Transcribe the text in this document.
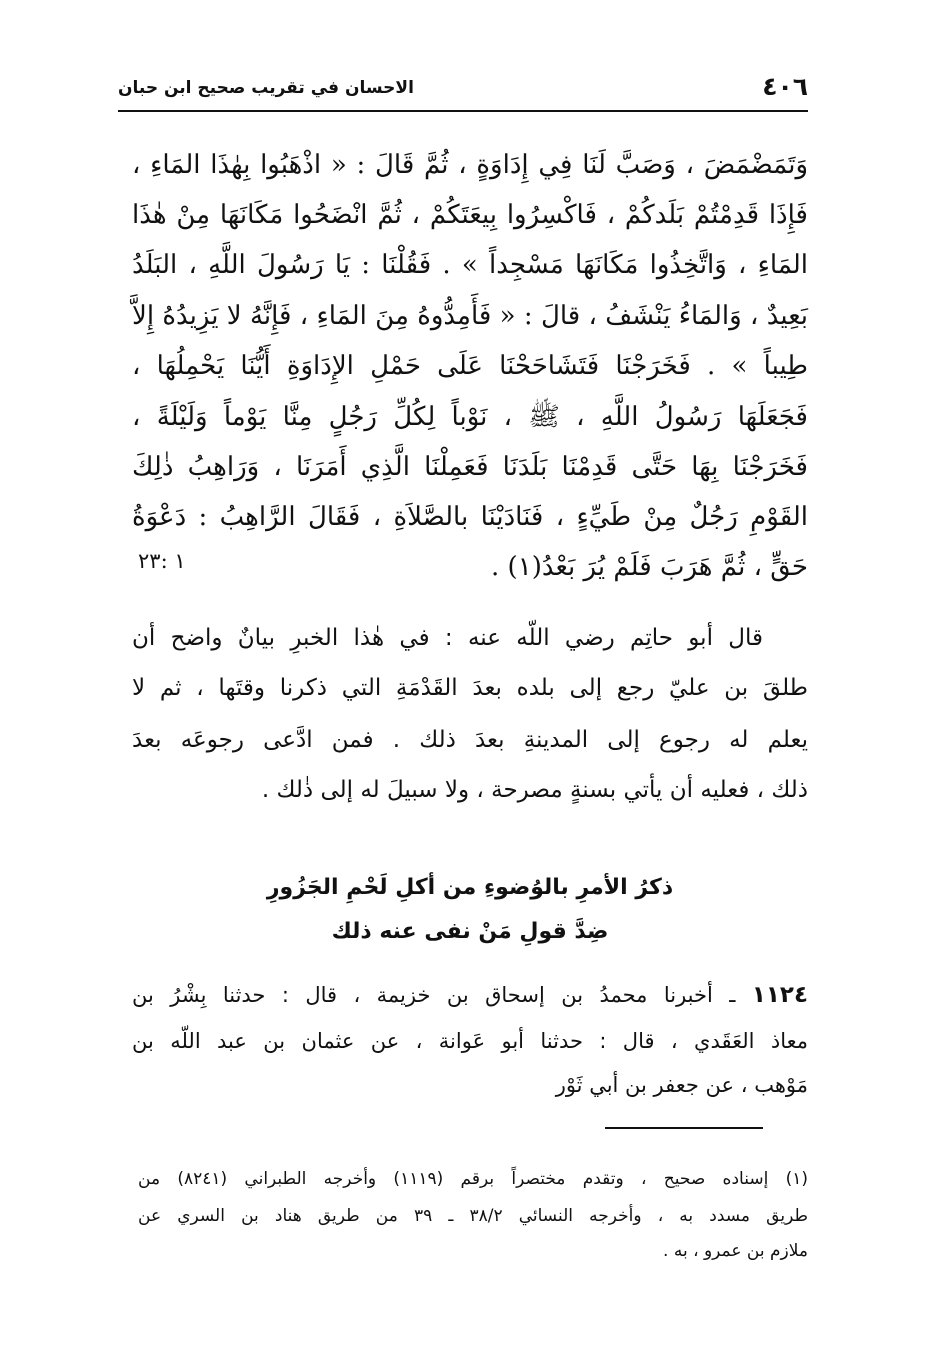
٤٠٦
الاحسان في تقريب صحيح ابن حبان
وَتَمَضْمَضَ ، وَصَبَّ لَنَا فِي إِدَاوَةٍ ، ثُمَّ قَالَ : « اذْهَبُوا بِهٰذَا المَاءِ ،
فَإِذَا قَدِمْتُمْ بَلَدكُمْ ، فَاكْسِرُوا بِيعَتَكُمْ ، ثُمَّ انْضَحُوا مَكَانَهَا مِنْ هٰذَا
المَاءِ ، وَاتَّخِذُوا مَكَانَهَا مَسْجِداً » . فَقُلْنَا : يَا رَسُولَ اللَّهِ ، البَلَدُ
بَعِيدٌ ، وَالمَاءُ يَنْشَفُ ، قالَ : « فَأَمِدُّوهُ مِنَ المَاءِ ، فَإِنَّهُ لا يَزِيدُهُ إِلاَّ
طِيباً » . فَخَرَجْنَا فَتَشَاحَحْنَا عَلَى حَمْلِ الإِدَاوَةِ أَيُّنَا يَحْمِلُهَا ،
فَجَعَلَهَا رَسُولُ اللَّهِ ، ﷺ ، نَوْباً لِكُلِّ رَجُلٍ مِنَّا يَوْماً وَلَيْلَةً ،
فَخَرَجْنَا بِهَا حَتَّى قَدِمْنَا بَلَدَنَا فَعَمِلْنَا الَّذِي أَمَرَنَا ، وَرَاهِبُ ذٰلِكَ
القَوْمِ رَجُلٌ مِنْ طَيِّءٍ ، فَنَادَيْنَا بالصَّلاَةِ ، فَقَالَ الرَّاهِبُ : دَعْوَةُ
حَقٍّ ، ثُمَّ هَرَبَ فَلَمْ يُرَ بَعْدُ(١) .
١ :٢٣
قال أبو حاتِم رضي اللّه عنه : في هٰذا الخبرِ بيانٌ واضح أن
طلقَ بن عليّ رجع إلى بلده بعدَ القَدْمَةِ التي ذكرنا وقتَها ، ثم لا
يعلم له رجوع إلى المدينةِ بعدَ ذلك . فمن ادَّعى رجوعَه بعدَ
ذلك ، فعليه أن يأتي بسنةٍ مصرحة ، ولا سبيلَ له إلى ذٰلك .
ذكرُ الأمرِ بالوُضوءِ من أكلِ لَحْمِ الجَزُورِ
ضِدَّ قولِ مَنْ نفى عنه ذلك
١١٢٤ ـ أخبرنا محمدُ بن إسحاق بن خزيمة ، قال : حدثنا بِشْرُ بن
معاذ العَقَدي ، قال : حدثنا أبو عَوانة ، عن عثمان بن عبد اللّه بن
مَوْهب ، عن جعفر بن أبي ثَوْر
(١) إسناده صحيح ، وتقدم مختصراً برقم (١١١٩) وأخرجه الطبراني (٨٢٤١) من
طريق مسدد به ، وأخرجه النسائي ٣٨/٢ ـ ٣٩ من طريق هناد بن السري عن
ملازم بن عمرو ، به .
